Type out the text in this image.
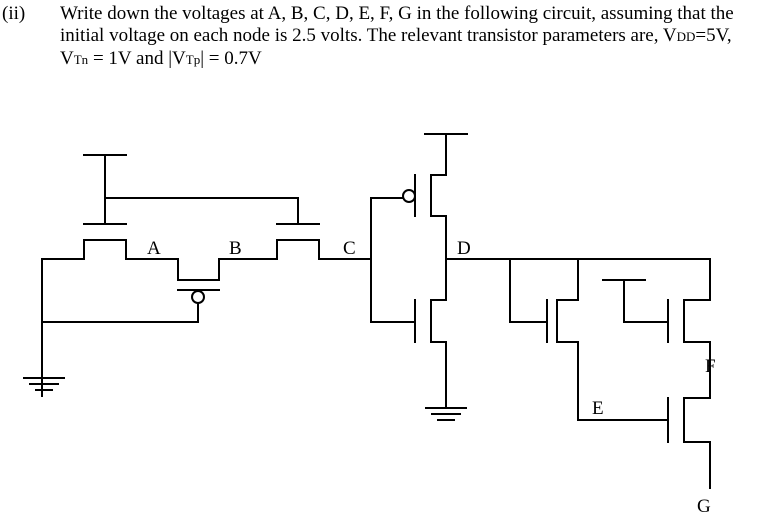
(ii) Write down the voltages at A, B, C, D, E, F, G in the following circuit, assuming that the
initial voltage on each node is 2.5 volts. The relevant transistor parameters are, VDD=5V,
VTn = 1V and |VTp| = 0.7V
A	B	C	D
E
F
G
